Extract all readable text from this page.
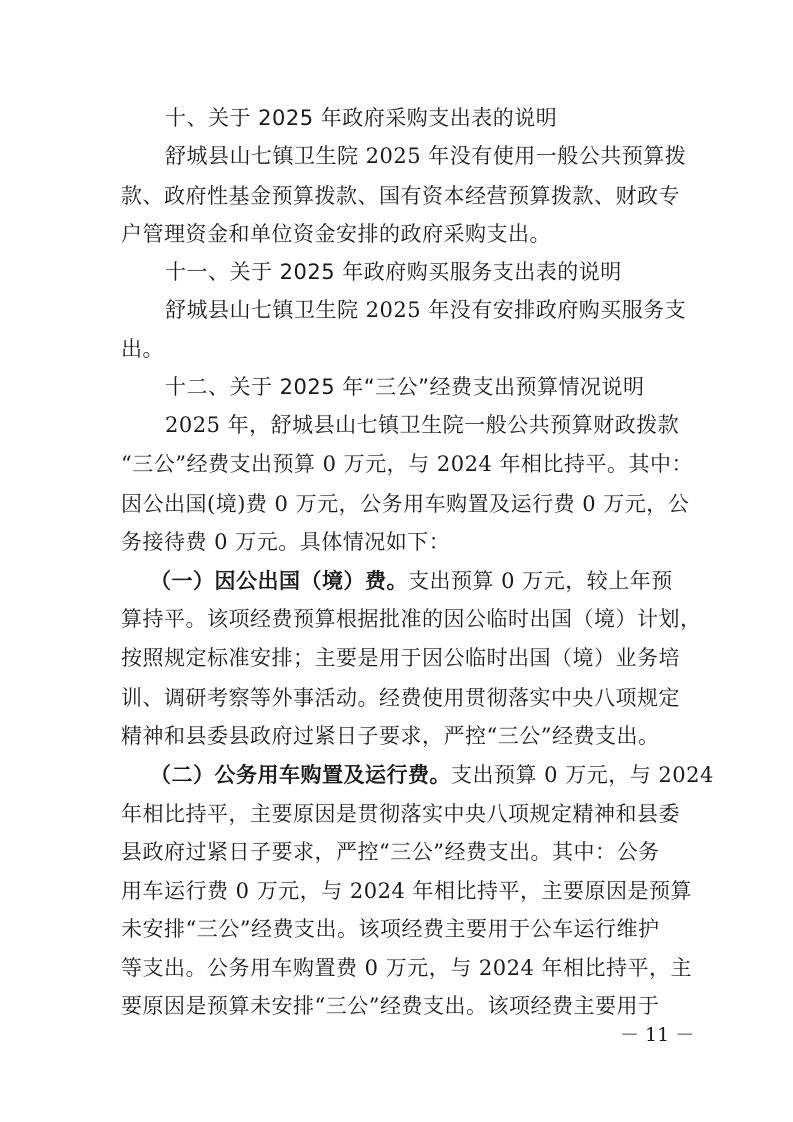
十、关于 2025 年政府采购支出表的说明
舒城县山七镇卫生院 2025 年没有使用一般公共预算拨
款、政府性基金预算拨款、国有资本经营预算拨款、财政专
户管理资金和单位资金安排的政府采购支出。
十一、关于 2025 年政府购买服务支出表的说明
舒城县山七镇卫生院 2025 年没有安排政府购买服务支
出。
十二、关于 2025 年“三公”经费支出预算情况说明
2025 年，舒城县山七镇卫生院一般公共预算财政拨款
“三公”经费支出预算 0 万元，与 2024 年相比持平。其中：
因公出国(境)费 0 万元，公务用车购置及运行费 0 万元，公
务接待费 0 万元。具体情况如下：
（一）因公出国（境）费。支出预算 0 万元，较上年预
算持平。该项经费预算根据批准的因公临时出国（境）计划，
按照规定标准安排；主要是用于因公临时出国（境）业务培
训、调研考察等外事活动。经费使用贯彻落实中央八项规定
精神和县委县政府过紧日子要求，严控“三公”经费支出。
（二）公务用车购置及运行费。支出预算 0 万元，与 2024
年相比持平，主要原因是贯彻落实中央八项规定精神和县委
县政府过紧日子要求，严控“三公”经费支出。其中：公务
用车运行费 0 万元，与 2024 年相比持平，主要原因是预算
未安排“三公”经费支出。该项经费主要用于公车运行维护
等支出。公务用车购置费 0 万元，与 2024 年相比持平，主
要原因是预算未安排“三公”经费支出。该项经费主要用于
－ 11 －
